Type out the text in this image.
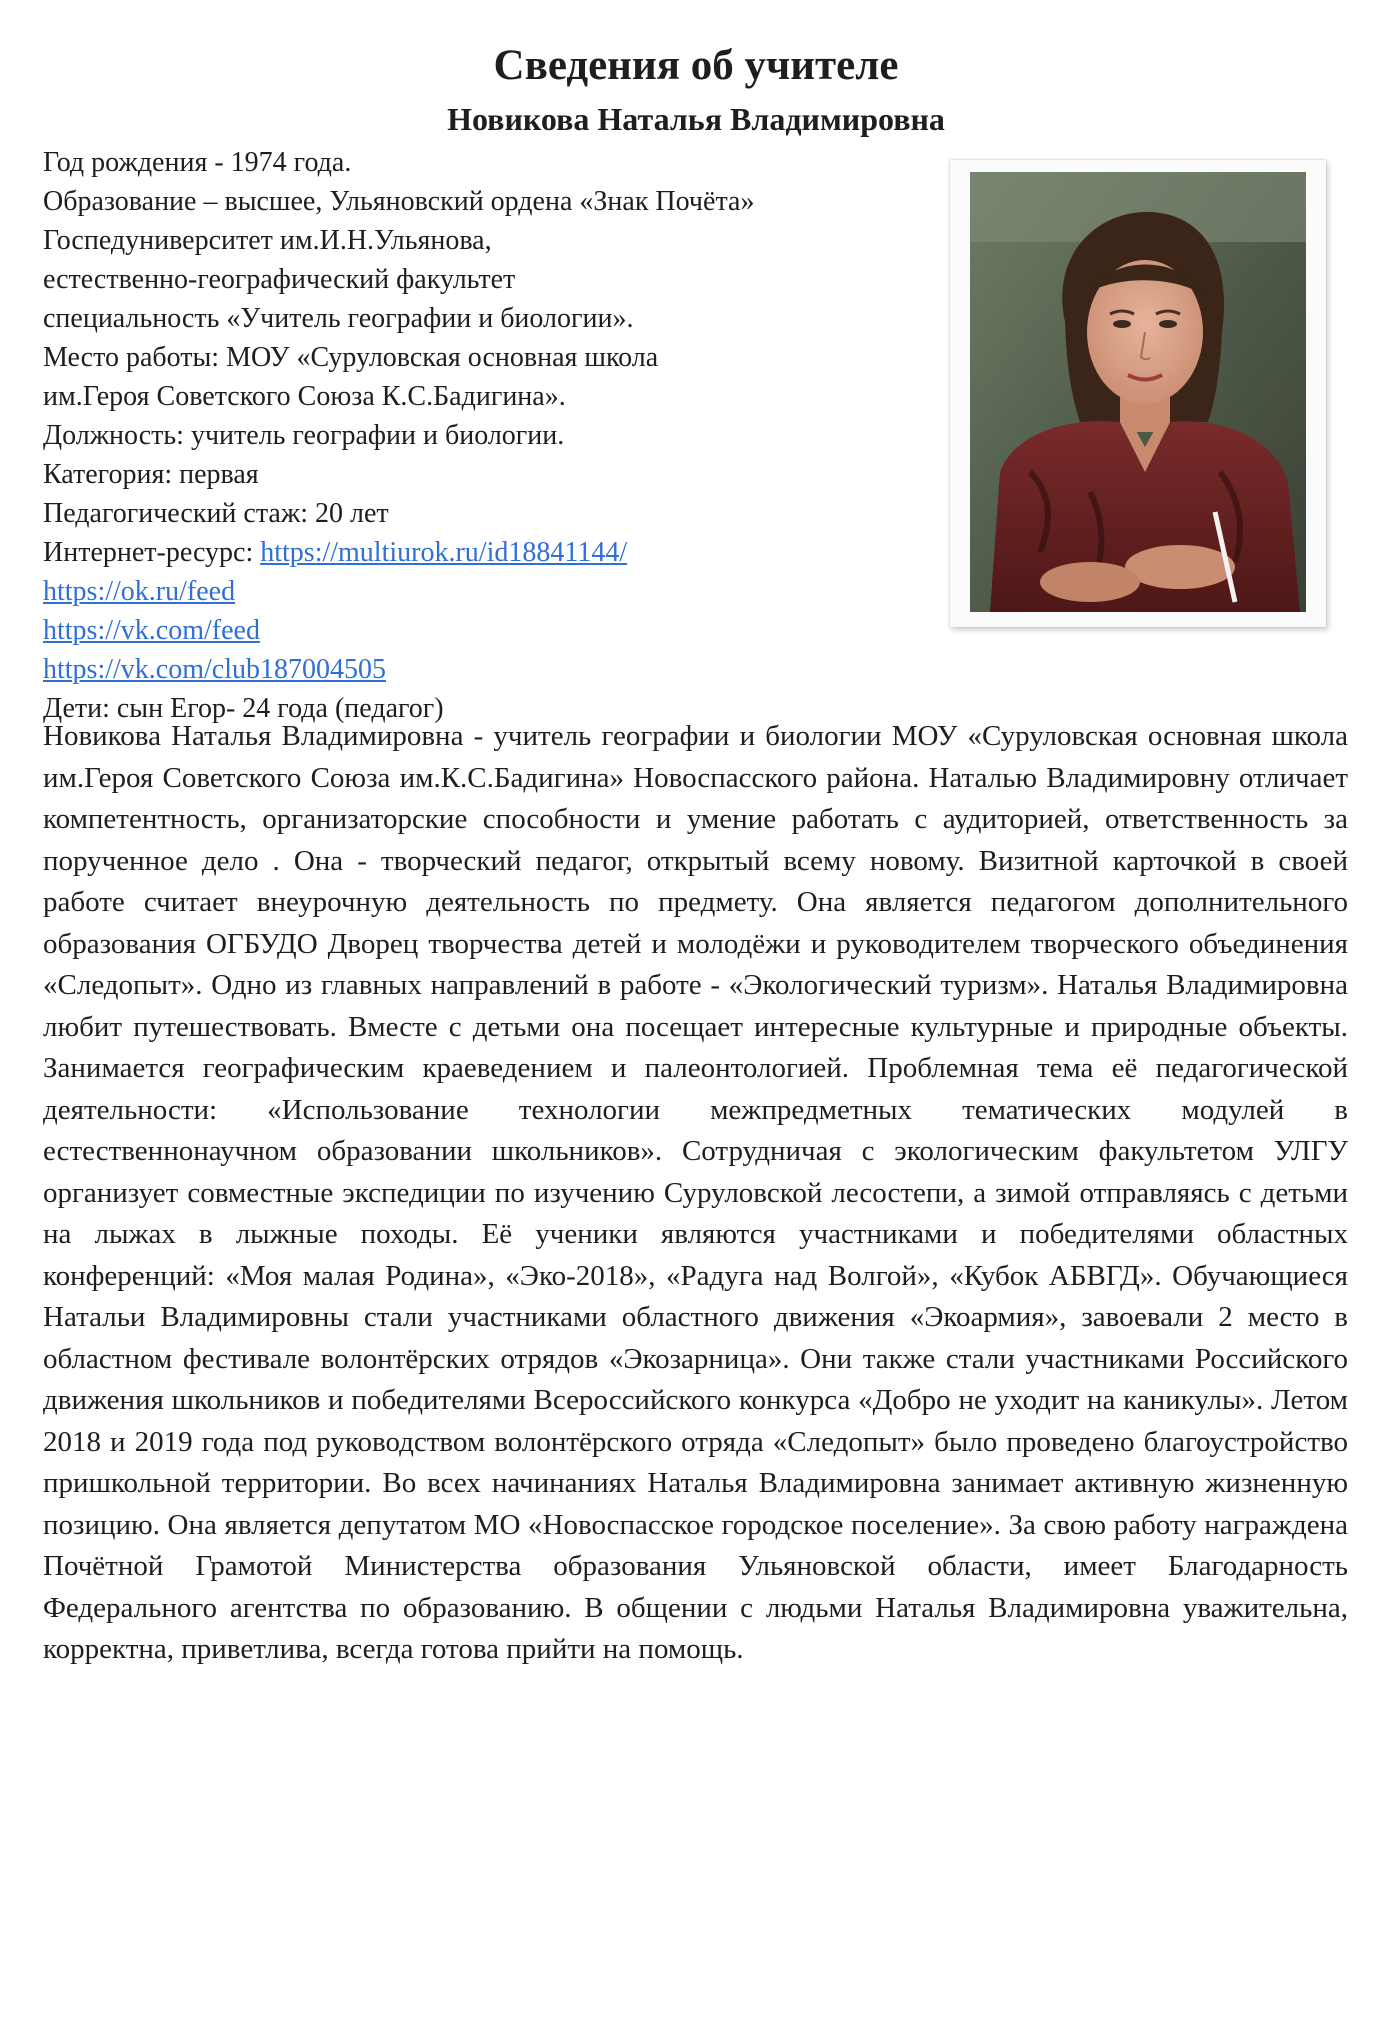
Сведения об учителе
Новикова Наталья Владимировна
Год рождения - 1974 года.
Образование – высшее, Ульяновский ордена «Знак Почёта»
Госпедуниверситет им.И.Н.Ульянова,
естественно-географический факультет
специальность «Учитель географии и биологии».
Место работы: МОУ «Суруловская основная школа
им.Героя Советского Союза К.С.Бадигина».
Должность: учитель географии и биологии.
Категория: первая
Педагогический стаж: 20 лет
Интернет-ресурс: https://multiurok.ru/id18841144/
https://ok.ru/feed
https://vk.com/feed
https://vk.com/club187004505
Дети: сын Егор- 24 года (педагог)
Новикова Наталья Владимировна - учитель географии и биологии МОУ «Суруловская основная школа им.Героя Советского Союза им.К.С.Бадигина» Новоспасского района. Наталью Владимировну отличает компетентность, организаторские способности и умение работать с аудиторией, ответственность за порученное дело . Она - творческий педагог, открытый всему новому. Визитной карточкой в своей работе считает внеурочную деятельность по предмету. Она является педагогом дополнительного образования ОГБУДО Дворец творчества детей и молодёжи и руководителем творческого объединения «Следопыт». Одно из главных направлений в работе - «Экологический туризм». Наталья Владимировна любит путешествовать. Вместе с детьми она посещает интересные культурные и природные объекты. Занимается географическим краеведением и палеонтологией. Проблемная тема её педагогической деятельности: «Использование технологии межпредметных тематических модулей в естественнонаучном образовании школьников». Сотрудничая с экологическим факультетом УЛГУ организует совместные экспедиции по изучению Суруловской лесостепи, а зимой отправляясь с детьми на лыжах в лыжные походы. Её ученики являются участниками и победителями областных конференций: «Моя малая Родина», «Эко-2018», «Радуга над Волгой», «Кубок АБВГД». Обучающиеся Натальи Владимировны стали участниками областного движения «Экоармия», завоевали 2 место в областном фестивале волонтёрских отрядов «Экозарница». Они также стали участниками Российского движения школьников и победителями Всероссийского конкурса «Добро не уходит на каникулы». Летом 2018 и 2019 года под руководством волонтёрского отряда «Следопыт» было проведено благоустройство пришкольной территории. Во всех начинаниях Наталья Владимировна занимает активную жизненную позицию. Она является депутатом МО «Новоспасское городское поселение». За свою работу награждена Почётной Грамотой Министерства образования Ульяновской области, имеет Благодарность Федерального агентства по образованию. В общении с людьми Наталья Владимировна уважительна, корректна, приветлива, всегда готова прийти на помощь.
